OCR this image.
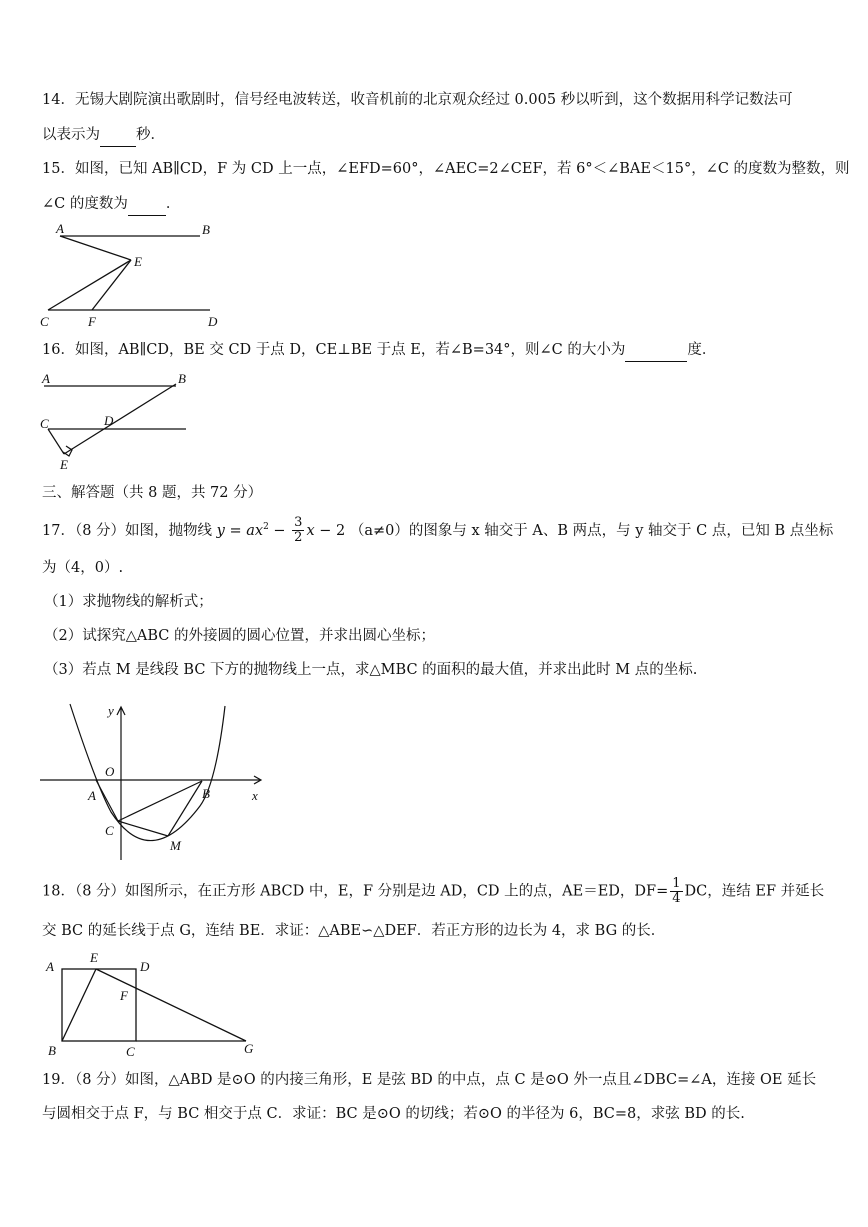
14．无锡大剧院演出歌剧时，信号经电波转送，收音机前的北京观众经过 0.005 秒以听到，这个数据用科学记数法可
以表示为 秒．
15．如图，已知 AB∥CD，F 为 CD 上一点，∠EFD=60°，∠AEC=2∠CEF，若 6°＜∠BAE＜15°，∠C 的度数为整数，则
∠C 的度数为	．
A	B
E
C	F	D
16．如图，AB∥CD，BE 交 CD 于点 D，CE⊥BE 于点 E，若∠B=34°，则∠C 的大小为	度．
A	B
C	D
E
三、解答题（共 8 题，共 72 分）
17．（8 分）如图，抛物线 $y = ax^2 - \frac{3}{2}$ x − 2 （a≠0）的图象与 x 轴交于 A、B 两点，与 y 轴交于 C 点，已知 B 点坐标
为（4，0）.
（1）求抛物线的解析式；
（2）试探究△ABC 的外接圆的圆心位置，并求出圆心坐标；
（3）若点 M 是线段 BC 下方的抛物线上一点，求△MBC 的面积的最大值，并求出此时 M 点的坐标.
y
x
O
A	B
C
M
18．（8 分）如图所示，在正方形 ABCD 中，E，F 分别是边 AD，CD 上的点，AE＝ED，$DF= \frac{1}{4}$ DC，连结 EF 并延长
交 BC 的延长线于点 G，连结 BE．求证：△ABE∽△DEF．若正方形的边长为 4，求 BG 的长．
A
E
D
F
B	C	G
19．（8 分）如图，△ABD 是⊙O 的内接三角形，E 是弦 BD 的中点，点 C 是⊙O 外一点且∠DBC=∠A，连接 OE 延长
与圆相交于点 F，与 BC 相交于点 C．求证：BC 是⊙O 的切线；若⊙O 的半径为 6，BC=8，求弦 BD 的长.
